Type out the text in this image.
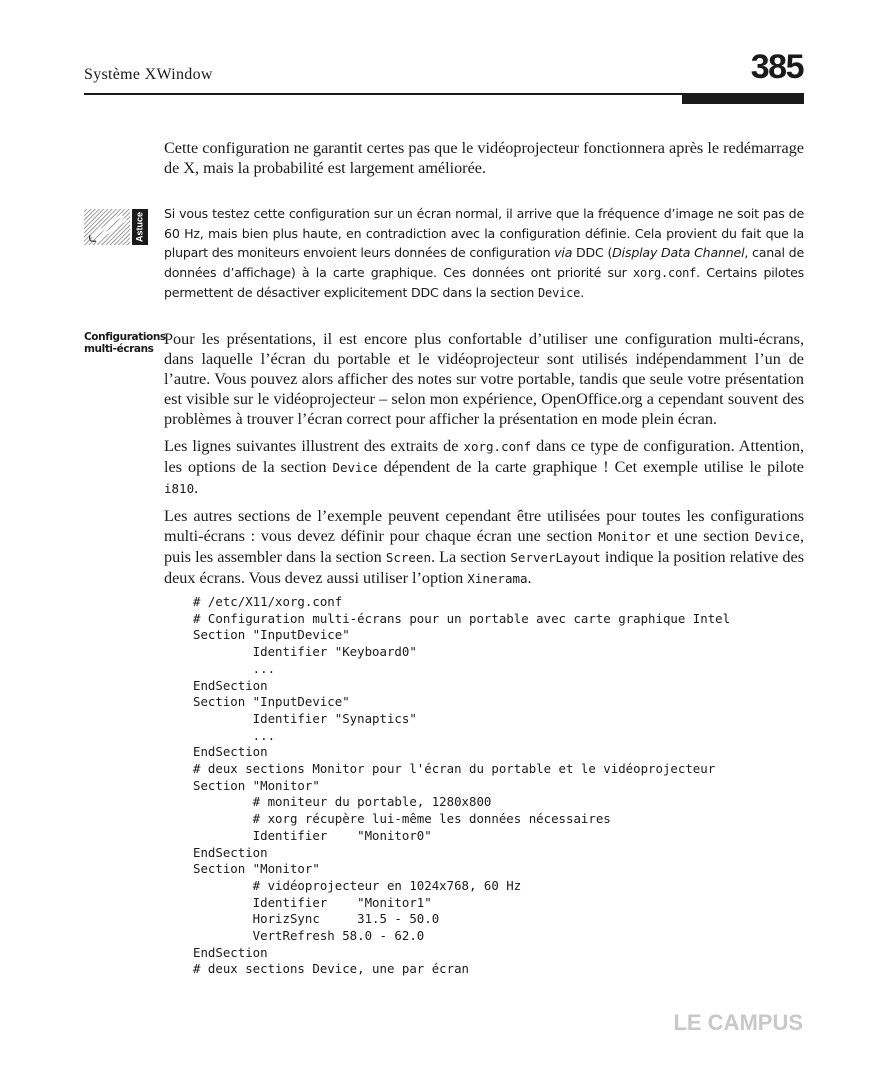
Système XWindow	385

Cette configuration ne garantit certes pas que le vidéoprojecteur fonctionnera après le redémarrage de X, mais la probabilité est largement améliorée.

Astuce Si vous testez cette configuration sur un écran normal, il arrive que la fréquence d’image ne soit pas de 60 Hz, mais bien plus haute, en contradiction avec la configuration définie. Cela provient du fait que la plupart des moniteurs envoient leurs données de configuration via DDC (Display Data Channel, canal de données d’affichage) à la carte graphique. Ces données ont priorité sur xorg.conf. Certains pilotes permettent de désactiver explicitement DDC dans la section Device.
Configurations
multi-écrans

Pour les présentations, il est encore plus confortable d’utiliser une configuration multi-écrans, dans laquelle l’écran du portable et le vidéoprojecteur sont utilisés indépendamment l’un de l’autre. Vous pouvez alors afficher des notes sur votre portable, tandis que seule votre présentation est visible sur le vidéoprojecteur – selon mon expérience, OpenOffice.org a cependant souvent des problèmes à trouver l’écran correct pour afficher la présentation en mode plein écran.

Les lignes suivantes illustrent des extraits de xorg.conf dans ce type de configuration. Attention, les options de la section Device dépendent de la carte graphique ! Cet exemple utilise le pilote i810.

Les autres sections de l’exemple peuvent cependant être utilisées pour toutes les configurations multi-écrans : vous devez définir pour chaque écran une section Monitor et une section Device, puis les assembler dans la section Screen. La section ServerLayout indique la position relative des deux écrans. Vous devez aussi utiliser l’option Xinerama.

# /etc/X11/xorg.conf
# Configuration multi-écrans pour un portable avec carte graphique Intel
Section "InputDevice"
Identifier "Keyboard0"
...
EndSection
Section "InputDevice"
Identifier "Synaptics"
...
EndSection
# deux sections Monitor pour l'écran du portable et le vidéoprojecteur
Section "Monitor"
# moniteur du portable, 1280x800
# xorg récupère lui-même les données nécessaires
Identifier    "Monitor0"
EndSection
Section "Monitor"
# vidéoprojecteur en 1024x768, 60 Hz
Identifier    "Monitor1"
HorizSync     31.5 - 50.0
VertRefresh 58.0 - 62.0
EndSection
# deux sections Device, une par écran
LE CAMPUS
